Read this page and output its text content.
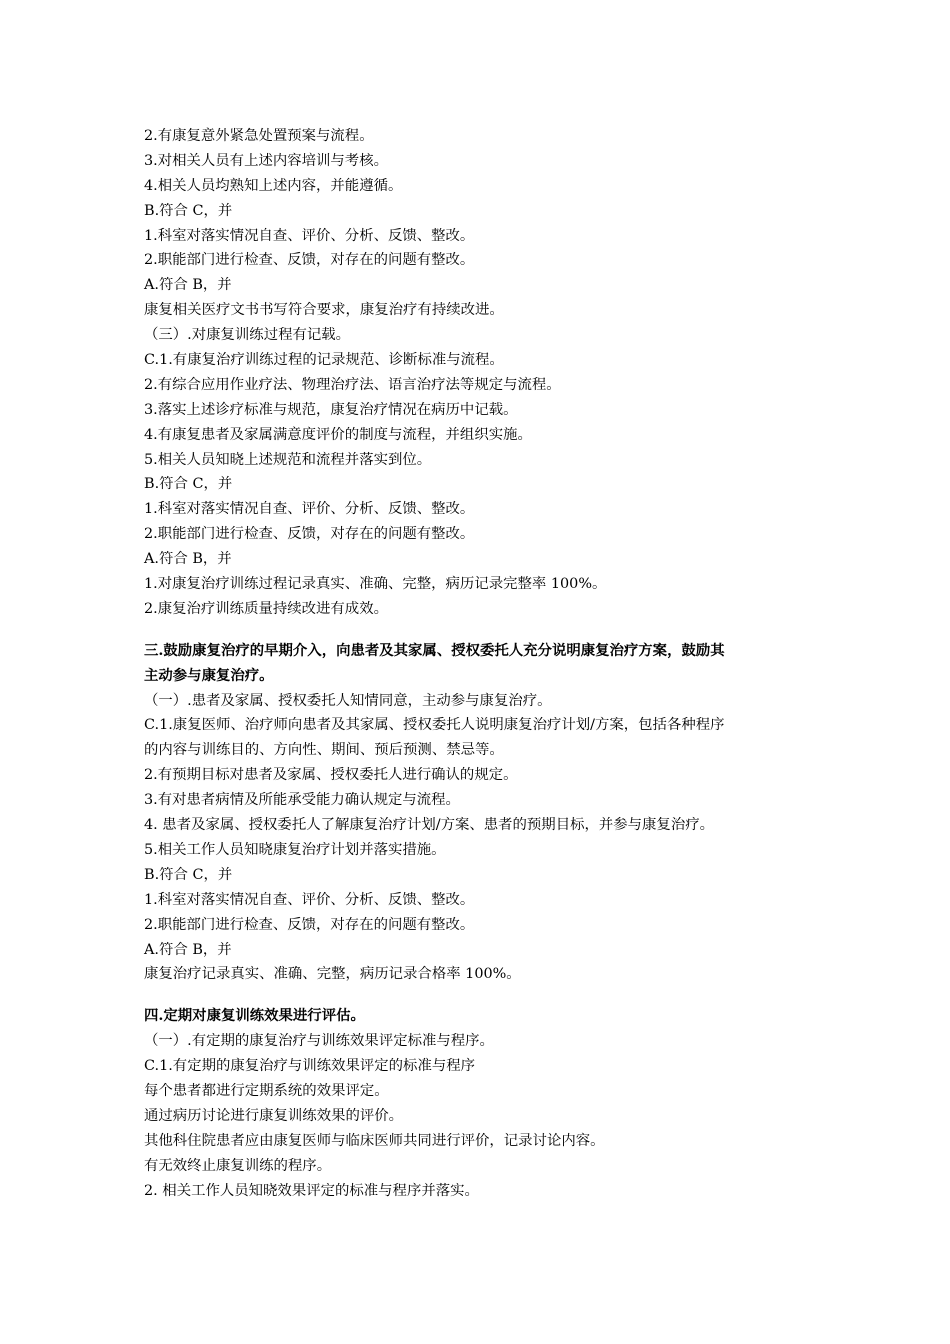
2.有康复意外紧急处置预案与流程。
3.对相关人员有上述内容培训与考核。
4.相关人员均熟知上述内容，并能遵循。
B.符合 C，并
1.科室对落实情况自查、评价、分析、反馈、整改。
2.职能部门进行检查、反馈，对存在的问题有整改。
A.符合 B，并
康复相关医疗文书书写符合要求，康复治疗有持续改进。
（三）.对康复训练过程有记载。
C.1.有康复治疗训练过程的记录规范、诊断标准与流程。
2.有综合应用作业疗法、物理治疗法、语言治疗法等规定与流程。
3.落实上述诊疗标准与规范，康复治疗情况在病历中记载。
4.有康复患者及家属满意度评价的制度与流程，并组织实施。
5.相关人员知晓上述规范和流程并落实到位。
B.符合 C，并
1.科室对落实情况自查、评价、分析、反馈、整改。
2.职能部门进行检查、反馈，对存在的问题有整改。
A.符合 B，并
1.对康复治疗训练过程记录真实、准确、完整，病历记录完整率 100%。
2.康复治疗训练质量持续改进有成效。
三.鼓励康复治疗的早期介入，向患者及其家属、授权委托人充分说明康复治疗方案，鼓励其
主动参与康复治疗。
（一）.患者及家属、授权委托人知情同意，主动参与康复治疗。
C.1.康复医师、治疗师向患者及其家属、授权委托人说明康复治疗计划/方案，包括各种程序
的内容与训练目的、方向性、期间、预后预测、禁忌等。
2.有预期目标对患者及家属、授权委托人进行确认的规定。
3.有对患者病情及所能承受能力确认规定与流程。
4. 患者及家属、授权委托人了解康复治疗计划/方案、患者的预期目标，并参与康复治疗。
5.相关工作人员知晓康复治疗计划并落实措施。
B.符合 C，并
1.科室对落实情况自查、评价、分析、反馈、整改。
2.职能部门进行检查、反馈，对存在的问题有整改。
A.符合 B，并
康复治疗记录真实、准确、完整，病历记录合格率 100%。
四.定期对康复训练效果进行评估。
（一）.有定期的康复治疗与训练效果评定标准与程序。
C.1.有定期的康复治疗与训练效果评定的标准与程序
每个患者都进行定期系统的效果评定。
通过病历讨论进行康复训练效果的评价。
其他科住院患者应由康复医师与临床医师共同进行评价，记录讨论内容。
有无效终止康复训练的程序。
2. 相关工作人员知晓效果评定的标准与程序并落实。
